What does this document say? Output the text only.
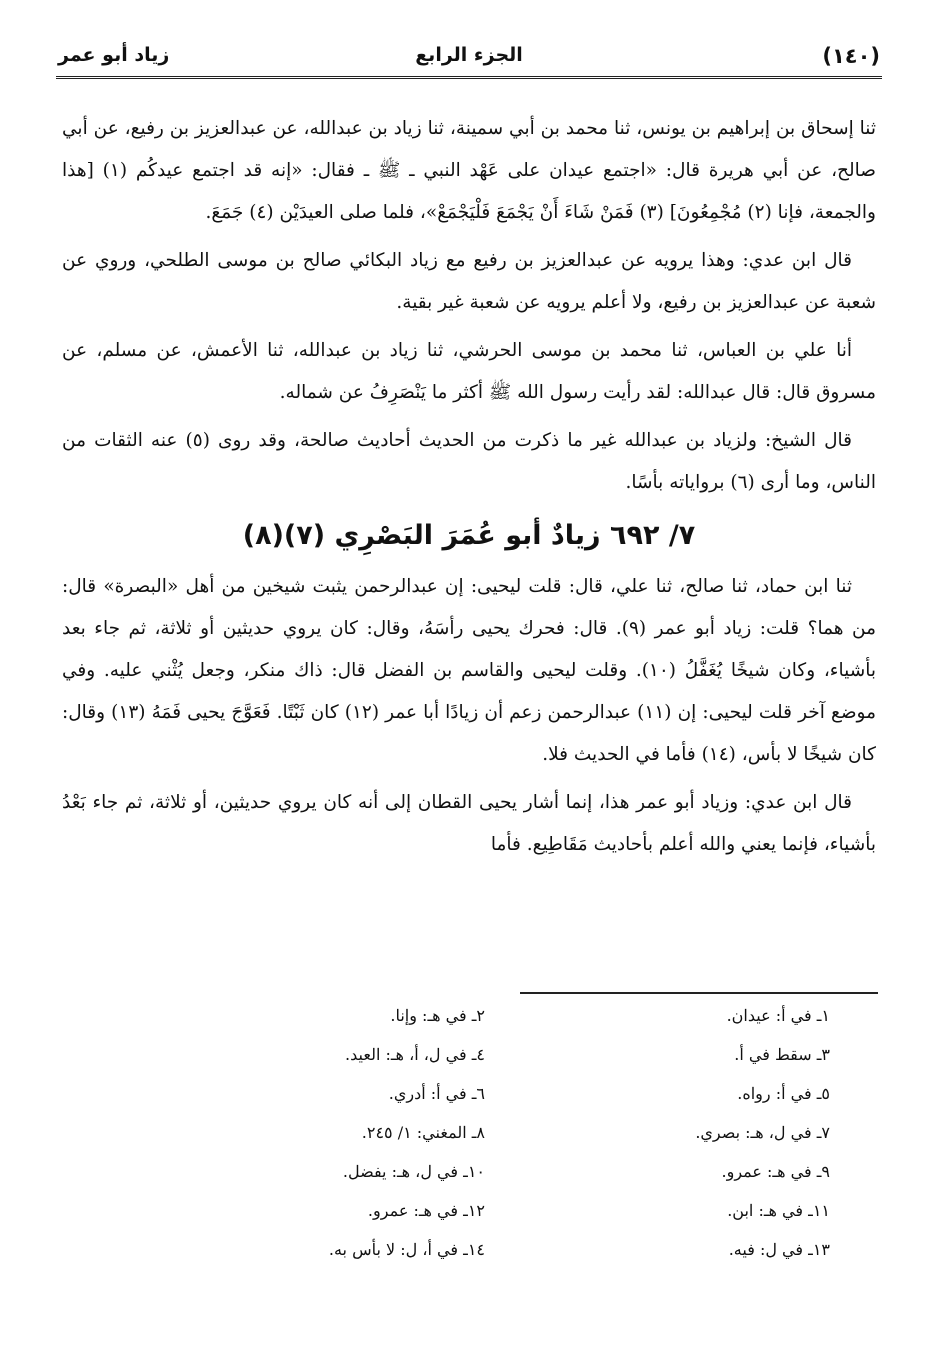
(١٤٠)
الجزء الرابع
زياد أبو عمر

ثنا إسحاق بن إبراهيم بن يونس، ثنا محمد بن أبي سمينة، ثنا زياد بن عبدالله، عن عبدالعزيز بن رفيع، عن أبي صالح، عن أبي هريرة قال: «اجتمع عيدان على عَهْد النبي ـ ﷺ ـ فقال: «إنه قد اجتمع عيدكُم (١) [هذا والجمعة، فإنا (٢) مُجْمِعُونَ] (٣) فَمَنْ شَاءَ أَنْ يَجْمَعَ فَلْيَجْمَعْ»، فلما صلى العيدَيْن (٤) جَمَعَ.

قال ابن عدي: وهذا يرويه عن عبدالعزيز بن رفيع مع زياد البكائي صالح بن موسى الطلحي، وروي عن شعبة عن عبدالعزيز بن رفيع، ولا أعلم يرويه عن شعبة غير بقية.

أنا علي بن العباس، ثنا محمد بن موسى الحرشي، ثنا زياد بن عبدالله، ثنا الأعمش، عن مسلم، عن مسروق قال: قال عبدالله: لقد رأيت رسول الله ﷺ أكثر ما يَنْصَرِفُ عن شماله.

قال الشيخ: ولزياد بن عبدالله غير ما ذكرت من الحديث أحاديث صالحة، وقد روى (٥) عنه الثقات من الناس، وما أرى (٦) برواياته بأسًا.

٧/ ٦٩٢ زيادٌ أبو عُمَرَ البَصْرِي (٧)(٨)

ثنا ابن حماد، ثنا صالح، ثنا علي، قال: قلت ليحيى: إن عبدالرحمن يثبت شيخين من أهل «البصرة» قال: من هما؟ قلت: زياد أبو عمر (٩). قال: فحرك يحيى رأسَهُ، وقال: كان يروي حديثين أو ثلاثة، ثم جاء بعد بأشياء، وكان شيخًا يُغَفَّلُ (١٠). وقلت ليحيى والقاسم بن الفضل قال: ذاك منكر، وجعل يُثْني عليه. وفي موضع آخر قلت ليحيى: إن (١١) عبدالرحمن زعم أن زيادًا أبا عمر (١٢) كان ثَبْتًا. فَعَوَّجَ يحيى فَمَهُ (١٣) وقال: كان شيخًا لا بأس، (١٤) فأما في الحديث فلا.

قال ابن عدي: وزياد أبو عمر هذا، إنما أشار يحيى القطان إلى أنه كان يروي حديثين، أو ثلاثة، ثم جاء بَعْدُ بأشياء، فإنما يعني والله أعلم بأحاديث مَقَاطِيع. فأما

١ـ في أ: عيدان.
٢ـ في هـ: وإنا.
٣ـ سقط في أ.
٤ـ في ل، أ، هـ: العيد.
٥ـ في أ: رواه.
٦ـ في أ: أدري.
٧ـ في ل، هـ: بصري.
٨ـ المغني: ١/ ٢٤٥.
٩ـ في هـ: عمرو.
١٠ـ في ل، هـ: يفضل.
١١ـ في هـ: ابن.
١٢ـ في هـ: عمرو.
١٣ـ في ل: فيه.
١٤ـ في أ، ل: لا بأس به.
